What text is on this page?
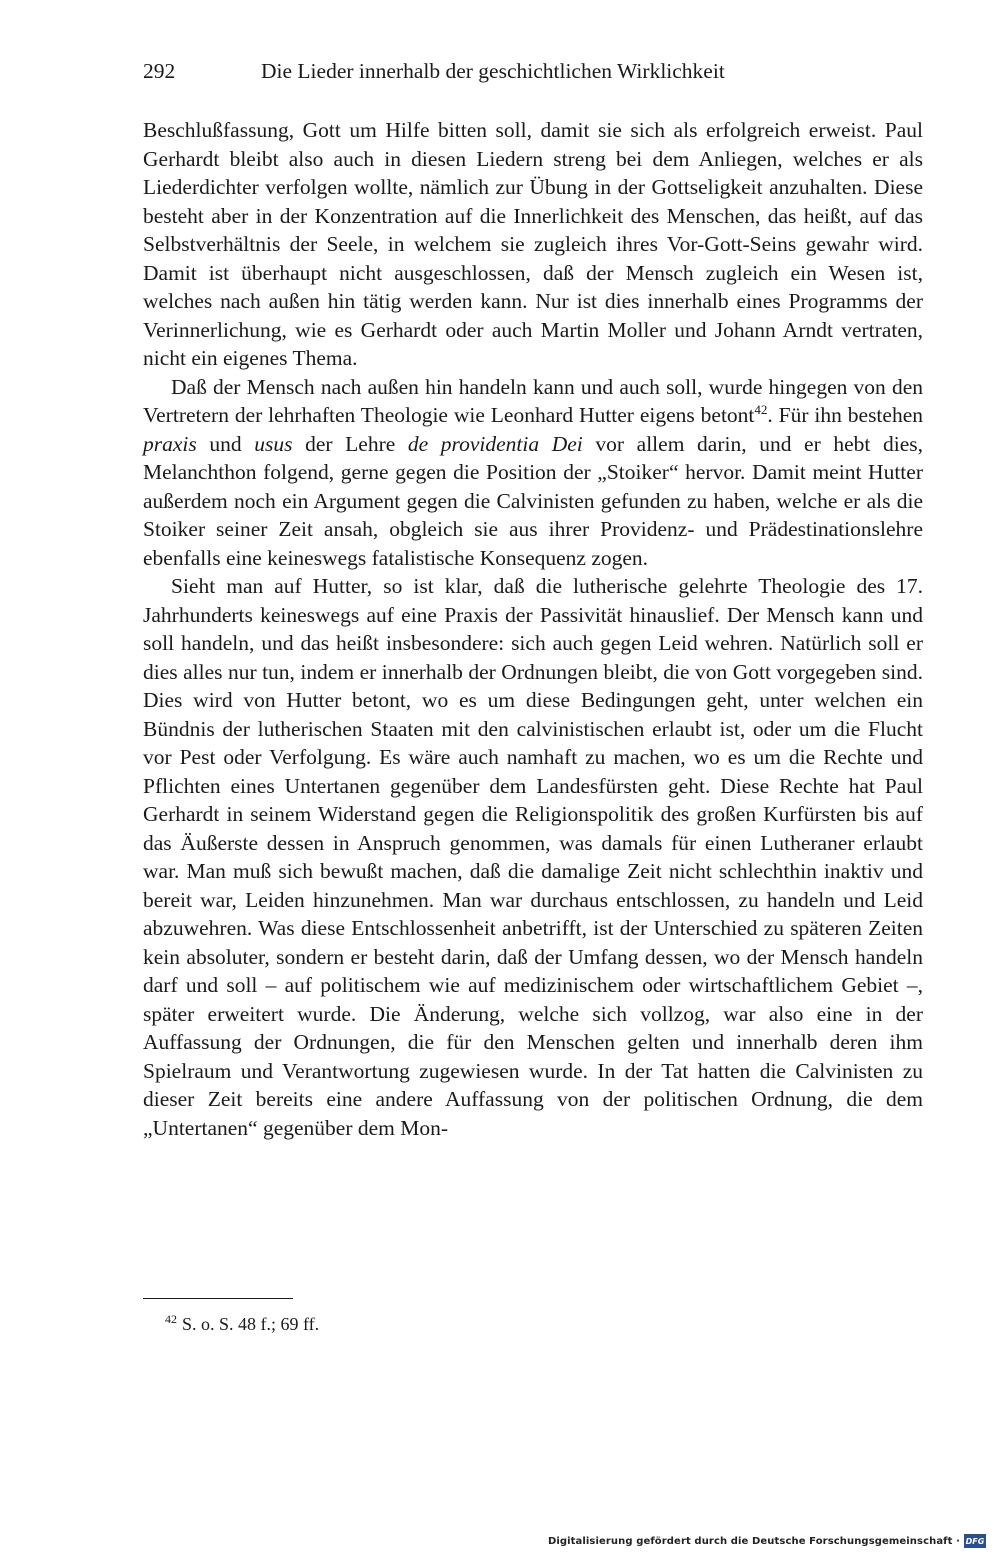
292	Die Lieder innerhalb der geschichtlichen Wirklichkeit

Beschlußfassung, Gott um Hilfe bitten soll, damit sie sich als erfolgreich erweist. Paul Gerhardt bleibt also auch in diesen Liedern streng bei dem Anliegen, welches er als Liederdichter verfolgen wollte, nämlich zur Übung in der Gottseligkeit anzuhalten. Diese besteht aber in der Konzentration auf die Innerlichkeit des Menschen, das heißt, auf das Selbstverhältnis der Seele, in welchem sie zugleich ihres Vor-Gott-Seins gewahr wird. Damit ist überhaupt nicht ausgeschlossen, daß der Mensch zugleich ein Wesen ist, welches nach außen hin tätig werden kann. Nur ist dies innerhalb eines Programms der Verinnerlichung, wie es Gerhardt oder auch Martin Moller und Johann Arndt vertraten, nicht ein eigenes Thema.

Daß der Mensch nach außen hin handeln kann und auch soll, wurde hingegen von den Vertretern der lehrhaften Theologie wie Leonhard Hutter eigens betont$^{42}$. Für ihn bestehen praxis und usus der Lehre de providentia Dei vor allem darin, und er hebt dies, Melanchthon folgend, gerne gegen die Position der „Stoiker“ hervor. Damit meint Hutter außerdem noch ein Argument gegen die Calvinisten gefunden zu haben, welche er als die Stoiker seiner Zeit ansah, obgleich sie aus ihrer Providenz- und Prädestinationslehre ebenfalls eine keineswegs fatalistische Konsequenz zogen.

Sieht man auf Hutter, so ist klar, daß die lutherische gelehrte Theologie des 17. Jahrhunderts keineswegs auf eine Praxis der Passivität hinauslief. Der Mensch kann und soll handeln, und das heißt insbesondere: sich auch gegen Leid wehren. Natürlich soll er dies alles nur tun, indem er innerhalb der Ordnungen bleibt, die von Gott vorgegeben sind. Dies wird von Hutter betont, wo es um diese Bedingungen geht, unter welchen ein Bündnis der lutherischen Staaten mit den calvinistischen erlaubt ist, oder um die Flucht vor Pest oder Verfolgung. Es wäre auch namhaft zu machen, wo es um die Rechte und Pflichten eines Untertanen gegenüber dem Landesfürsten geht. Diese Rechte hat Paul Gerhardt in seinem Widerstand gegen die Religionspolitik des großen Kurfürsten bis auf das Äußerste dessen in Anspruch genommen, was damals für einen Lutheraner erlaubt war. Man muß sich bewußt machen, daß die damalige Zeit nicht schlechthin inaktiv und bereit war, Leiden hinzunehmen. Man war durchaus entschlossen, zu handeln und Leid abzuwehren. Was diese Entschlossenheit anbetrifft, ist der Unterschied zu späteren Zeiten kein absoluter, sondern er besteht darin, daß der Umfang dessen, wo der Mensch handeln darf und soll – auf politischem wie auf medizinischem oder wirtschaftlichem Gebiet –, später erweitert wurde. Die Änderung, welche sich vollzog, war also eine in der Auffassung der Ordnungen, die für den Menschen gelten und innerhalb deren ihm Spielraum und Verantwortung zugewiesen wurde. In der Tat hatten die Calvinisten zu dieser Zeit bereits eine andere Auffassung von der politischen Ordnung, die dem „Untertanen“ gegenüber dem Mon-

$^{42}$ S. o. S. 48 f.; 69 ff.
Digitalisierung gefördert durch die Deutsche Forschungsgemeinschaft · DFG
